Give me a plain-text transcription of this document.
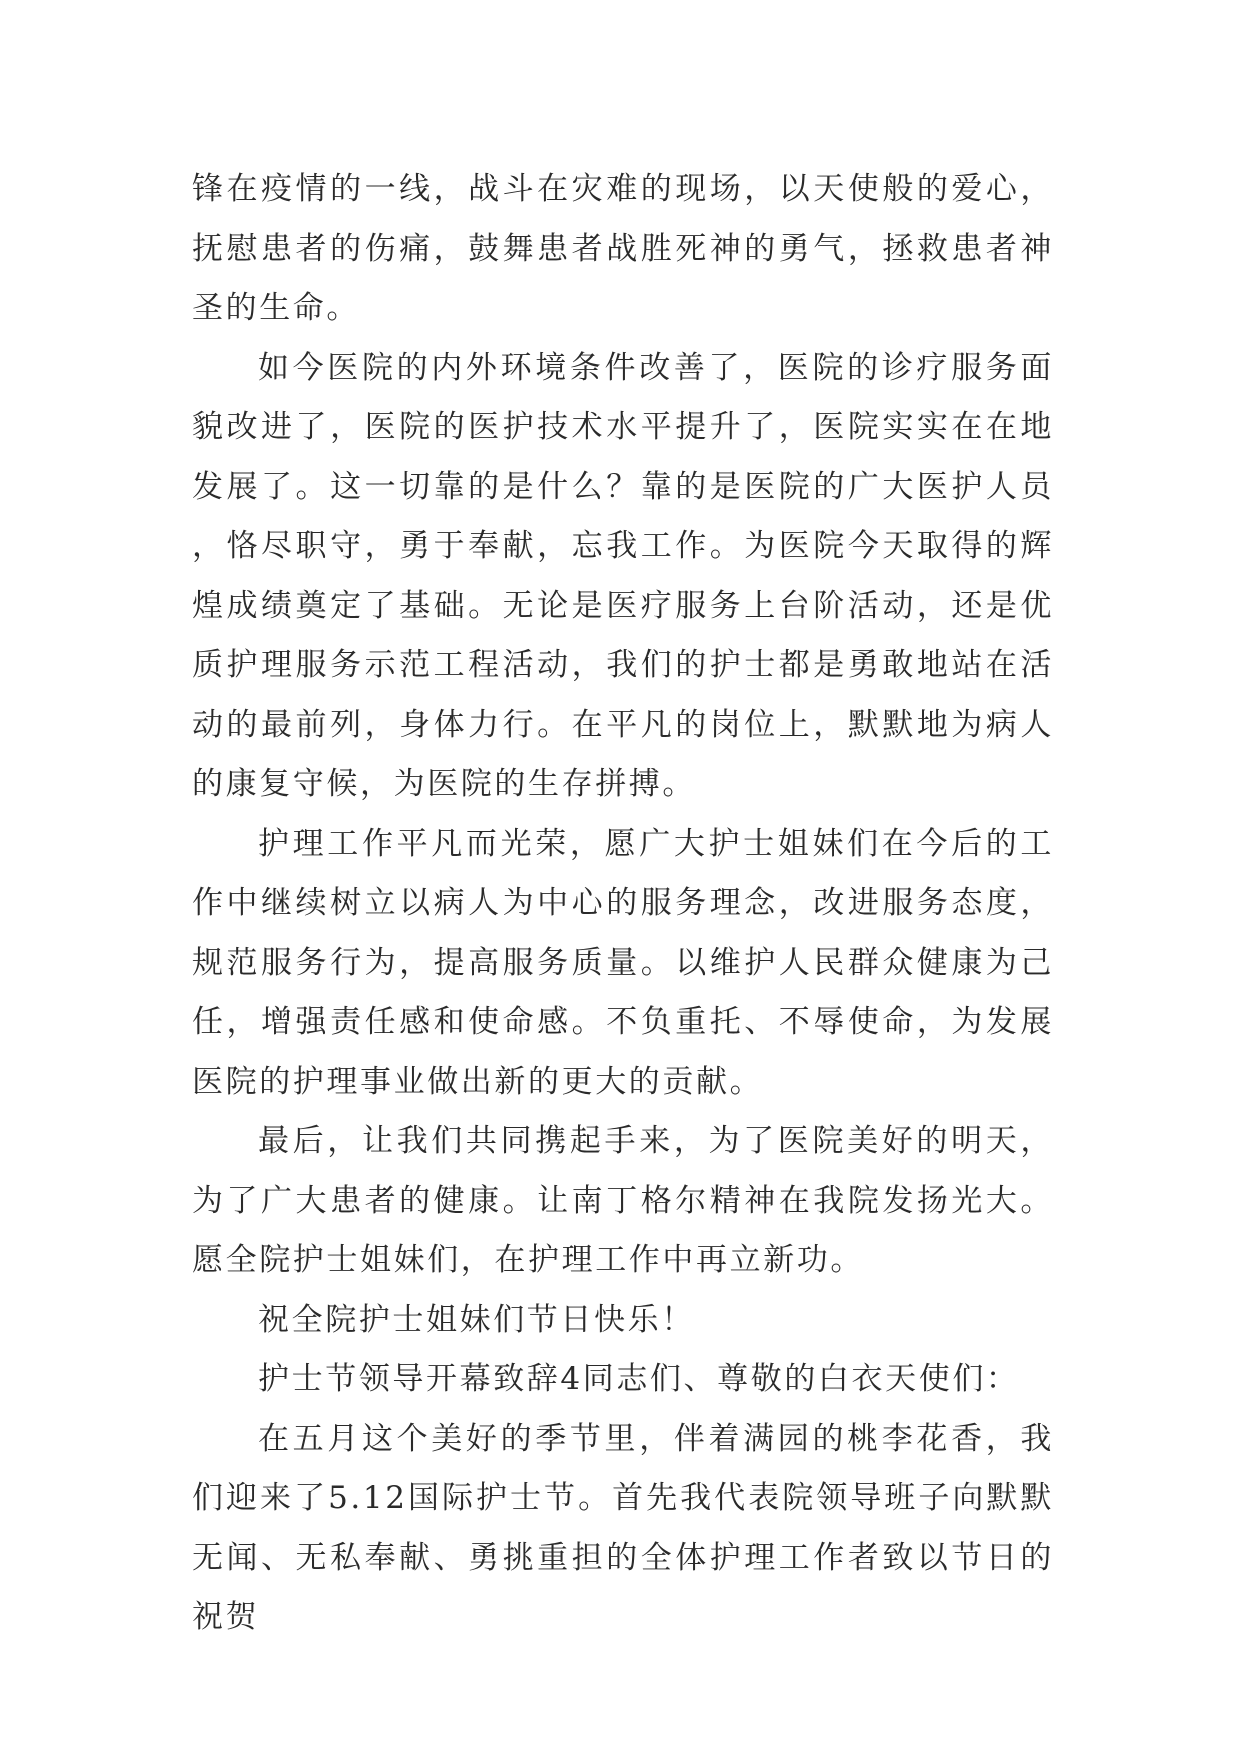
锋在疫情的一线，战斗在灾难的现场，以天使般的爱心，抚慰患者的伤痛，鼓舞患者战胜死神的勇气，拯救患者神圣的生命。

如今医院的内外环境条件改善了，医院的诊疗服务面貌改进了，医院的医护技术水平提升了，医院实实在在地发展了。这一切靠的是什么？靠的是医院的广大医护人员，恪尽职守，勇于奉献，忘我工作。为医院今天取得的辉煌成绩奠定了基础。无论是医疗服务上台阶活动，还是优质护理服务示范工程活动，我们的护士都是勇敢地站在活动的最前列，身体力行。在平凡的岗位上，默默地为病人的康复守候，为医院的生存拼搏。

护理工作平凡而光荣，愿广大护士姐妹们在今后的工作中继续树立以病人为中心的服务理念，改进服务态度，规范服务行为，提高服务质量。以维护人民群众健康为己任，增强责任感和使命感。不负重托、不辱使命，为发展医院的护理事业做出新的更大的贡献。

最后，让我们共同携起手来，为了医院美好的明天，为了广大患者的健康。让南丁格尔精神在我院发扬光大。愿全院护士姐妹们，在护理工作中再立新功。

祝全院护士姐妹们节日快乐！

护士节领导开幕致辞4同志们、尊敬的白衣天使们：

在五月这个美好的季节里，伴着满园的桃李花香，我们迎来了5.12国际护士节。首先我代表院领导班子向默默无闻、无私奉献、勇挑重担的全体护理工作者致以节日的祝贺
